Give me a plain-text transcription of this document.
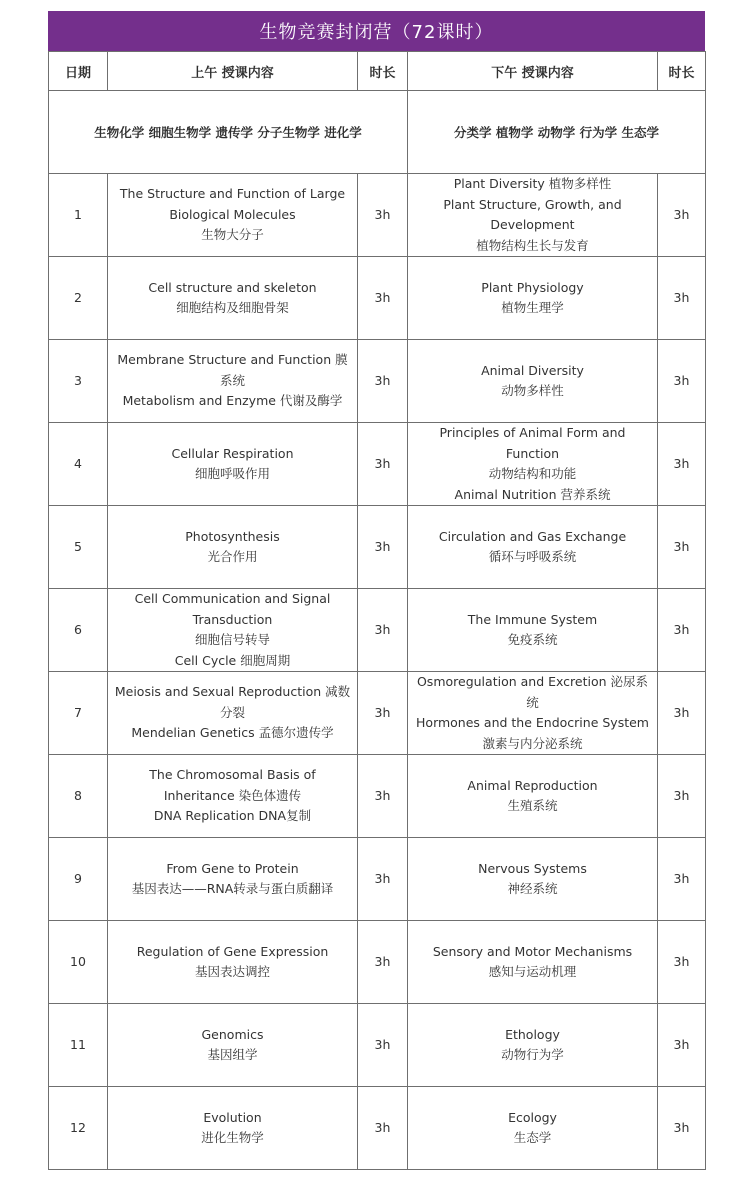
生物竞赛封闭营（72课时）
日期	上午 授课内容	时长	下午 授课内容	时长
生物化学 细胞生物学 遗传学 分子生物学 进化学			分类学 植物学 动物学 行为学 生态学	
1	The Structure and Function of Large
Biological Molecules
生物大分子	3h	Plant Diversity 植物多样性
Plant Structure, Growth, and
Development
植物结构生长与发育	3h
2	Cell structure and skeleton
细胞结构及细胞骨架	3h	Plant Physiology
植物生理学	3h
3	Membrane Structure and Function 膜
系统
Metabolism and Enzyme 代谢及酶学	3h	Animal Diversity
动物多样性	3h
4	Cellular Respiration
细胞呼吸作用	3h	Principles of Animal Form and
Function
动物结构和功能
Animal Nutrition 营养系统	3h
5	Photosynthesis
光合作用	3h	Circulation and Gas Exchange
循环与呼吸系统	3h
6	Cell Communication and Signal
Transduction
细胞信号转导
Cell Cycle 细胞周期	3h	The Immune System
免疫系统	3h
7	Meiosis and Sexual Reproduction 减数
分裂
Mendelian Genetics 孟德尔遗传学	3h	Osmoregulation and Excretion 泌尿系
统
Hormones and the Endocrine System
激素与内分泌系统	3h
8	The Chromosomal Basis of
Inheritance 染色体遗传
DNA Replication DNA复制	3h	Animal Reproduction
生殖系统	3h
9	From Gene to Protein
基因表达——RNA转录与蛋白质翻译	3h	Nervous Systems
神经系统	3h
10	Regulation of Gene Expression
基因表达调控	3h	Sensory and Motor Mechanisms
感知与运动机理	3h
11	Genomics
基因组学	3h	Ethology
动物行为学	3h
12	Evolution
进化生物学	3h	Ecology
生态学	3h
